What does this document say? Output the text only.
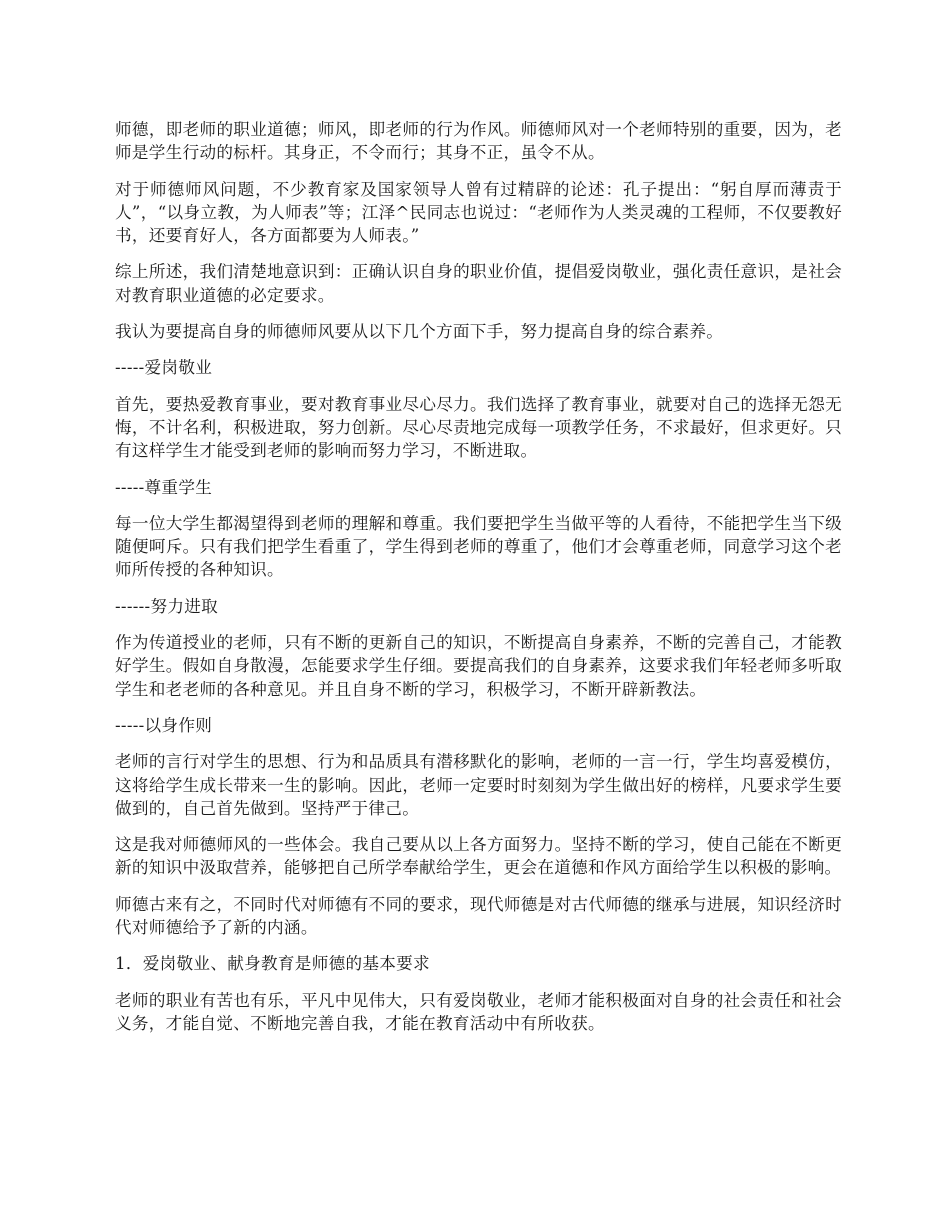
师德，即老师的职业道德；师风，即老师的行为作风。师德师风对一个老师特别的重要，因为，老师是学生行动的标杆。其身正，不令而行；其身不正，虽令不从。

对于师德师风问题，不少教育家及国家领导人曾有过精辟的论述：孔子提出：“躬自厚而薄责于人”，“以身立教，为人师表”等；江泽^民同志也说过：“老师作为人类灵魂的工程师，不仅要教好书，还要育好人，各方面都要为人师表。”

综上所述，我们清楚地意识到：正确认识自身的职业价值，提倡爱岗敬业，强化责任意识，是社会对教育职业道德的必定要求。

我认为要提高自身的师德师风要从以下几个方面下手，努力提高自身的综合素养。

-----爱岗敬业

首先，要热爱教育事业，要对教育事业尽心尽力。我们选择了教育事业，就要对自己的选择无怨无悔，不计名利，积极进取，努力创新。尽心尽责地完成每一项教学任务，不求最好，但求更好。只有这样学生才能受到老师的影响而努力学习，不断进取。

-----尊重学生

每一位大学生都渴望得到老师的理解和尊重。我们要把学生当做平等的人看待，不能把学生当下级随便呵斥。只有我们把学生看重了，学生得到老师的尊重了，他们才会尊重老师，同意学习这个老师所传授的各种知识。

------努力进取

作为传道授业的老师，只有不断的更新自己的知识，不断提高自身素养，不断的完善自己，才能教好学生。假如自身散漫，怎能要求学生仔细。要提高我们的自身素养，这要求我们年轻老师多听取学生和老老师的各种意见。并且自身不断的学习，积极学习，不断开辟新教法。

-----以身作则

老师的言行对学生的思想、行为和品质具有潜移默化的影响，老师的一言一行，学生均喜爱模仿，这将给学生成长带来一生的影响。因此，老师一定要时时刻刻为学生做出好的榜样，凡要求学生要做到的，自己首先做到。坚持严于律己。

这是我对师德师风的一些体会。我自己要从以上各方面努力。坚持不断的学习，使自己能在不断更新的知识中汲取营养，能够把自己所学奉献给学生，更会在道德和作风方面给学生以积极的影响。

师德古来有之，不同时代对师德有不同的要求，现代师德是对古代师德的继承与进展，知识经济时代对师德给予了新的内涵。

1．爱岗敬业、献身教育是师德的基本要求

老师的职业有苦也有乐，平凡中见伟大，只有爱岗敬业，老师才能积极面对自身的社会责任和社会义务，才能自觉、不断地完善自我，才能在教育活动中有所收获。
